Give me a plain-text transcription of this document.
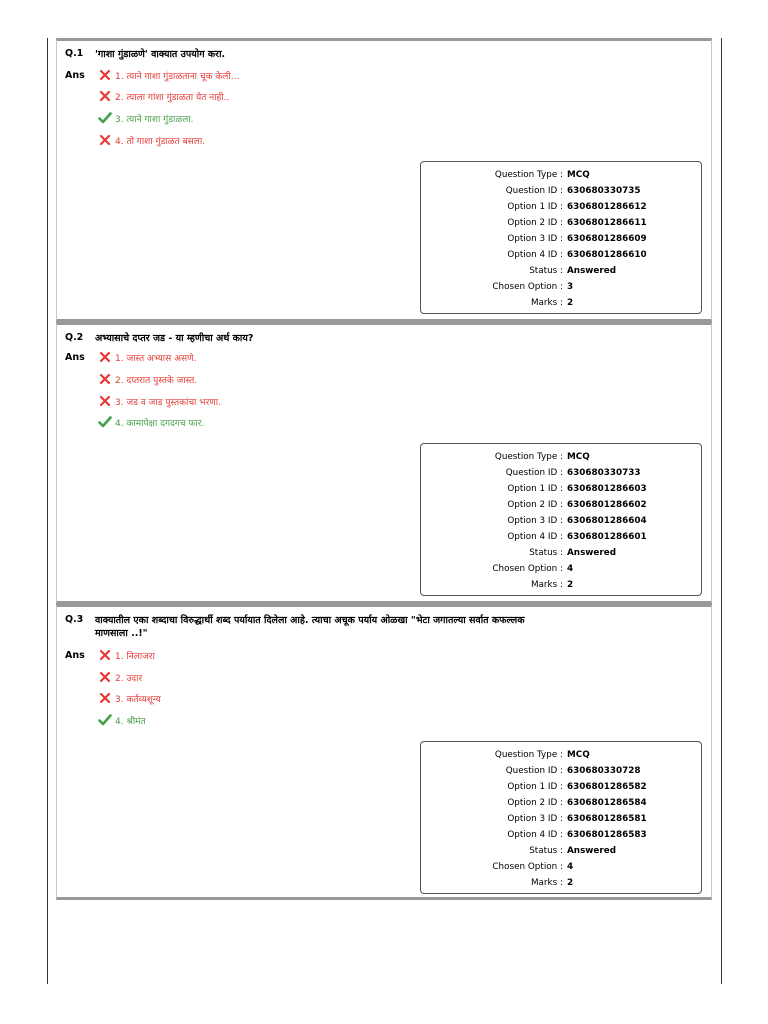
Q.1	'गाशा गुंडाळणे' वाक्यात उपयोग करा.
Ans	1. त्याने गाशा गुंडाळताना चूक केली...
2. त्याला गांशा गुंडाळता येत नाही..
3. त्याने गाशा गुंडाळला.
4. तो गाशा गुंडाळत बसला.
Question Type : MCQ
Question ID : 630680330735
Option 1 ID : 6306801286612
Option 2 ID : 6306801286611
Option 3 ID : 6306801286609
Option 4 ID : 6306801286610
Status : Answered
Chosen Option : 3
Marks : 2
Q.2	अभ्यासाचे दप्तर जड - या म्हणीचा अर्थ काय?
Ans	1. जास्त अभ्यास असणे.
2. दप्तरात पुस्तके जास्त.
3. जड व जाड पुस्तकांचा भरणा.
4. कामापेक्षा दगदगच फार.
Question Type : MCQ
Question ID : 630680330733
Option 1 ID : 6306801286603
Option 2 ID : 6306801286602
Option 3 ID : 6306801286604
Option 4 ID : 6306801286601
Status : Answered
Chosen Option : 4
Marks : 2
Q.3	वाक्यातील एका शब्दाचा विरुद्धार्थी शब्द पर्यायात दिलेला आहे. त्याचा अचूक पर्याय ओळखा "भेटा जगातल्या सर्वात कफल्लक माणसाला ..!"
Ans	1. निलाजरा
2. उदार
3. कर्तव्यशून्य
4. श्रीमंत
Question Type : MCQ
Question ID : 630680330728
Option 1 ID : 6306801286582
Option 2 ID : 6306801286584
Option 3 ID : 6306801286581
Option 4 ID : 6306801286583
Status : Answered
Chosen Option : 4
Marks : 2
